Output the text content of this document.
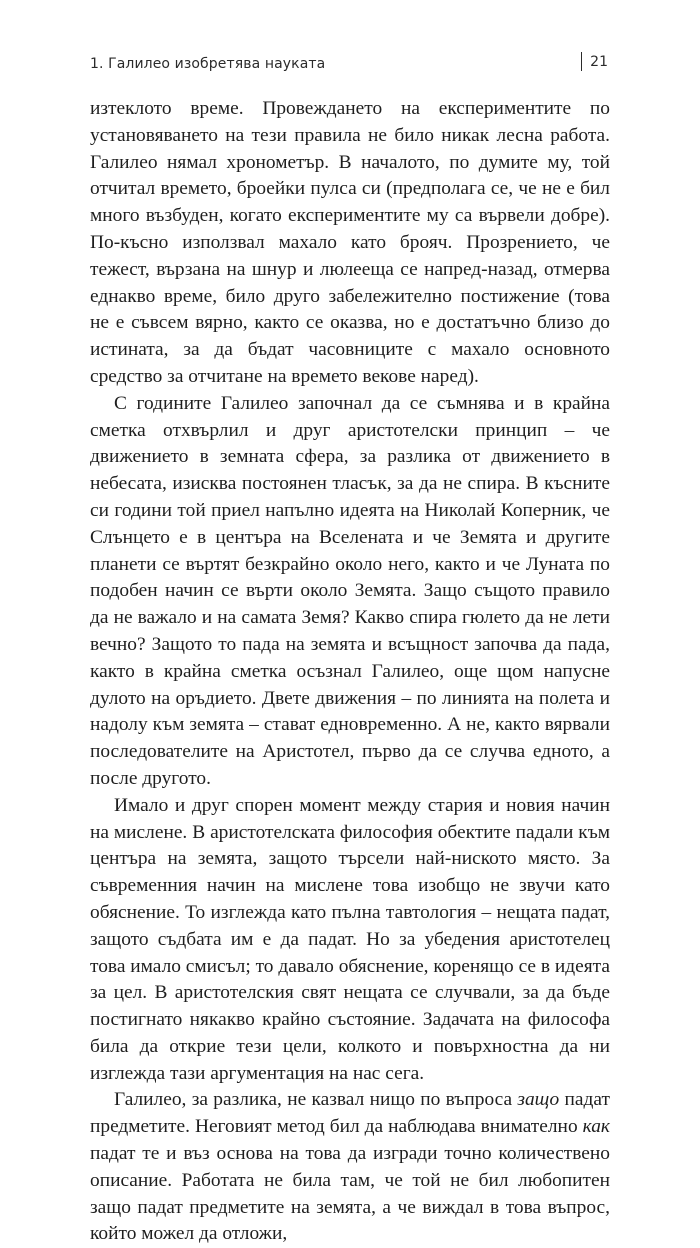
1. Галилео изобретява науката	21

изтеклото време. Провеждането на експериментите по установяването на тези правила не било никак лесна работа. Галилео нямал хронометър. В началото, по думите му, той отчитал времето, броейки пулса си (предполага се, че не е бил много възбуден, когато експериментите му са вървели добре). По-късно използвал махало като брояч. Прозрението, че тежест, вързана на шнур и люлееща се напред-назад, отмерва еднакво време, било друго забележително постижение (това не е съвсем вярно, както се оказва, но е достатъчно близо до истината, за да бъдат часовниците с махало основното средство за отчитане на времето векове наред).

С годините Галилео започнал да се съмнява и в крайна сметка отхвърлил и друг аристотелски принцип – че движението в земната сфера, за разлика от движението в небесата, изисква постоянен тласък, за да не спира. В късните си години той приел напълно идеята на Николай Коперник, че Слънцето е в центъра на Вселената и че Земята и другите планети се въртят безкрайно около него, както и че Луната по подобен начин се върти около Земята. Защо същото правило да не важало и на самата Земя? Какво спира гюлето да не лети вечно? Защото то пада на земята и всъщност започва да пада, както в крайна сметка осъзнал Галилео, още щом напусне дулото на оръдието. Двете движения – по линията на полета и надолу към земята – стават едновременно. А не, както вярвали последователите на Аристотел, първо да се случва едното, а после другото.

Имало и друг спорен момент между стария и новия начин на мислене. В аристотелската философия обектите падали към центъра на земята, защото търсели най-ниското място. За съвременния начин на мислене това изобщо не звучи като обяснение. То изглежда като пълна тавтология – нещата падат, защото съдбата им е да падат. Но за убедения аристотелец това имало смисъл; то давало обяснение, коренящо се в идеята за цел. В аристотелския свят нещата се случвали, за да бъде постигнато някакво крайно състояние. Задачата на философа била да открие тези цели, колкото и повърхностна да ни изглежда тази аргументация на нас сега.

Галилео, за разлика, не казвал нищо по въпроса защо падат предметите. Неговият метод бил да наблюдава внимателно как падат те и въз основа на това да изгради точно количествено описание. Работата не била там, че той не бил любопитен защо падат предметите на земята, а че виждал в това въпрос, който можел да отложи,
